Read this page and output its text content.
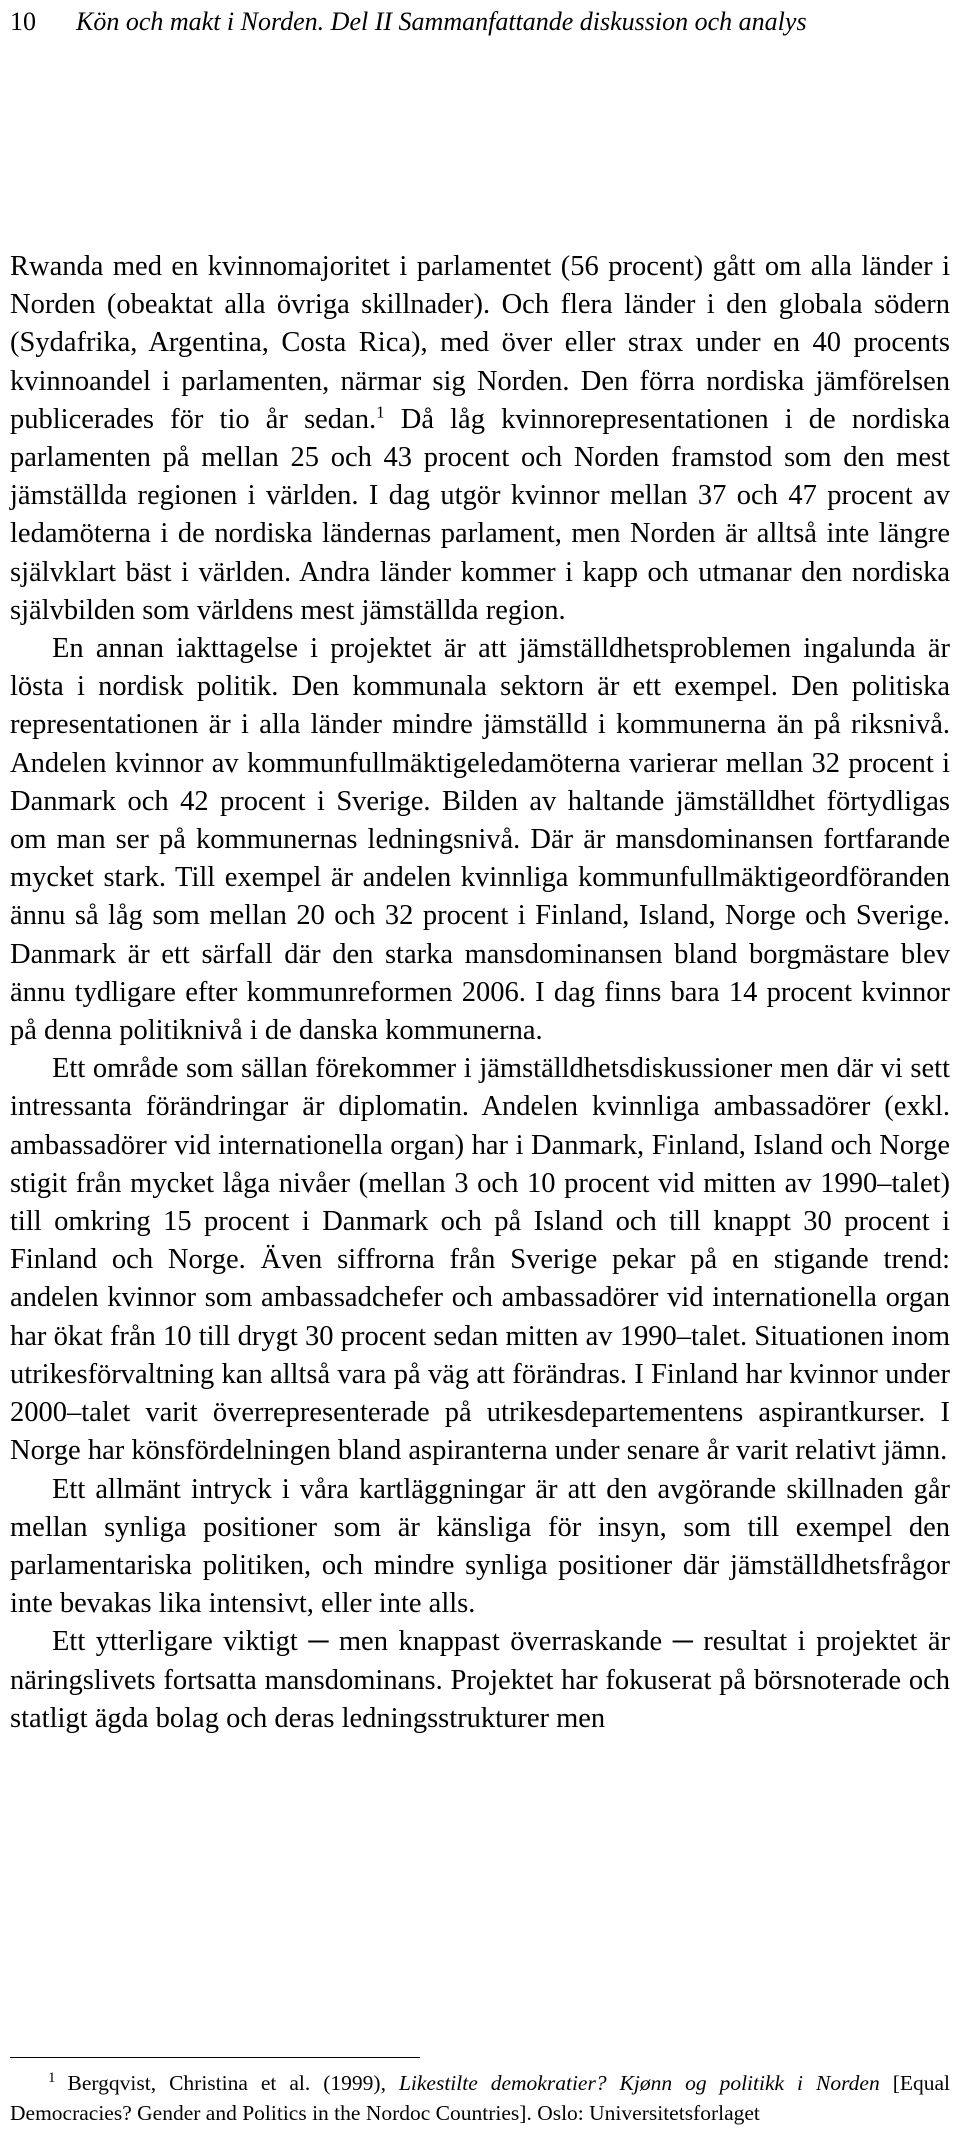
10 Kön och makt i Norden. Del II Sammanfattande diskussion och analys

Rwanda med en kvinnomajoritet i parlamentet (56 procent) gått om alla länder i Norden (obeaktat alla övriga skillnader). Och flera länder i den globala södern (Sydafrika, Argentina, Costa Rica), med över eller strax under en 40 procents kvinnoandel i parlamenten, närmar sig Norden. Den förra nordiska jämförelsen publicerades för tio år sedan.$^1$ Då låg kvinnorepresentationen i de nordiska parlamenten på mellan 25 och 43 procent och Norden framstod som den mest jämställda regionen i världen. I dag utgör kvinnor mellan 37 och 47 procent av ledamöterna i de nordiska ländernas parlament, men Norden är alltså inte längre självklart bäst i världen. Andra länder kommer i kapp och utmanar den nordiska självbilden som världens mest jämställda region.

En annan iakttagelse i projektet är att jämställdhetsproblemen ingalunda är lösta i nordisk politik. Den kommunala sektorn är ett exempel. Den politiska representationen är i alla länder mindre jämställd i kommunerna än på riksnivå. Andelen kvinnor av kommunfullmäktigeledamöterna varierar mellan 32 procent i Danmark och 42 procent i Sverige. Bilden av haltande jämställdhet förtydligas om man ser på kommunernas ledningsnivå. Där är mansdominansen fortfarande mycket stark. Till exempel är andelen kvinnliga kommunfullmäktigeordföranden ännu så låg som mellan 20 och 32 procent i Finland, Island, Norge och Sverige. Danmark är ett särfall där den starka mansdominansen bland borgmästare blev ännu tydligare efter kommunreformen 2006. I dag finns bara 14 procent kvinnor på denna politiknivå i de danska kommunerna.

Ett område som sällan förekommer i jämställdhetsdiskussioner men där vi sett intressanta förändringar är diplomatin. Andelen kvinnliga ambassadörer (exkl. ambassadörer vid internationella organ) har i Danmark, Finland, Island och Norge stigit från mycket låga nivåer (mellan 3 och 10 procent vid mitten av 1990–talet) till omkring 15 procent i Danmark och på Island och till knappt 30 procent i Finland och Norge. Även siffrorna från Sverige pekar på en stigande trend: andelen kvinnor som ambassadchefer och ambassadörer vid internationella organ har ökat från 10 till drygt 30 procent sedan mitten av 1990–talet. Situationen inom utrikesförvaltning kan alltså vara på väg att förändras. I Finland har kvinnor under 2000–talet varit överrepresenterade på utrikesdepartementens aspirantkurser. I Norge har könsfördelningen bland aspiranterna under senare år varit relativt jämn.

Ett allmänt intryck i våra kartläggningar är att den avgörande skillnaden går mellan synliga positioner som är känsliga för insyn, som till exempel den parlamentariska politiken, och mindre synliga positioner där jämställdhetsfrågor inte bevakas lika intensivt, eller inte alls.

Ett ytterligare viktigt ─ men knappast överraskande ─ resultat i projektet är näringslivets fortsatta mansdominans. Projektet har fokuserat på börsnoterade och statligt ägda bolag och deras ledningsstrukturer men

$^1$ Bergqvist, Christina et al. (1999), Likestilte demokratier? Kjønn og politikk i Norden [Equal Democracies? Gender and Politics in the Nordoc Countries]. Oslo: Universitetsforlaget
